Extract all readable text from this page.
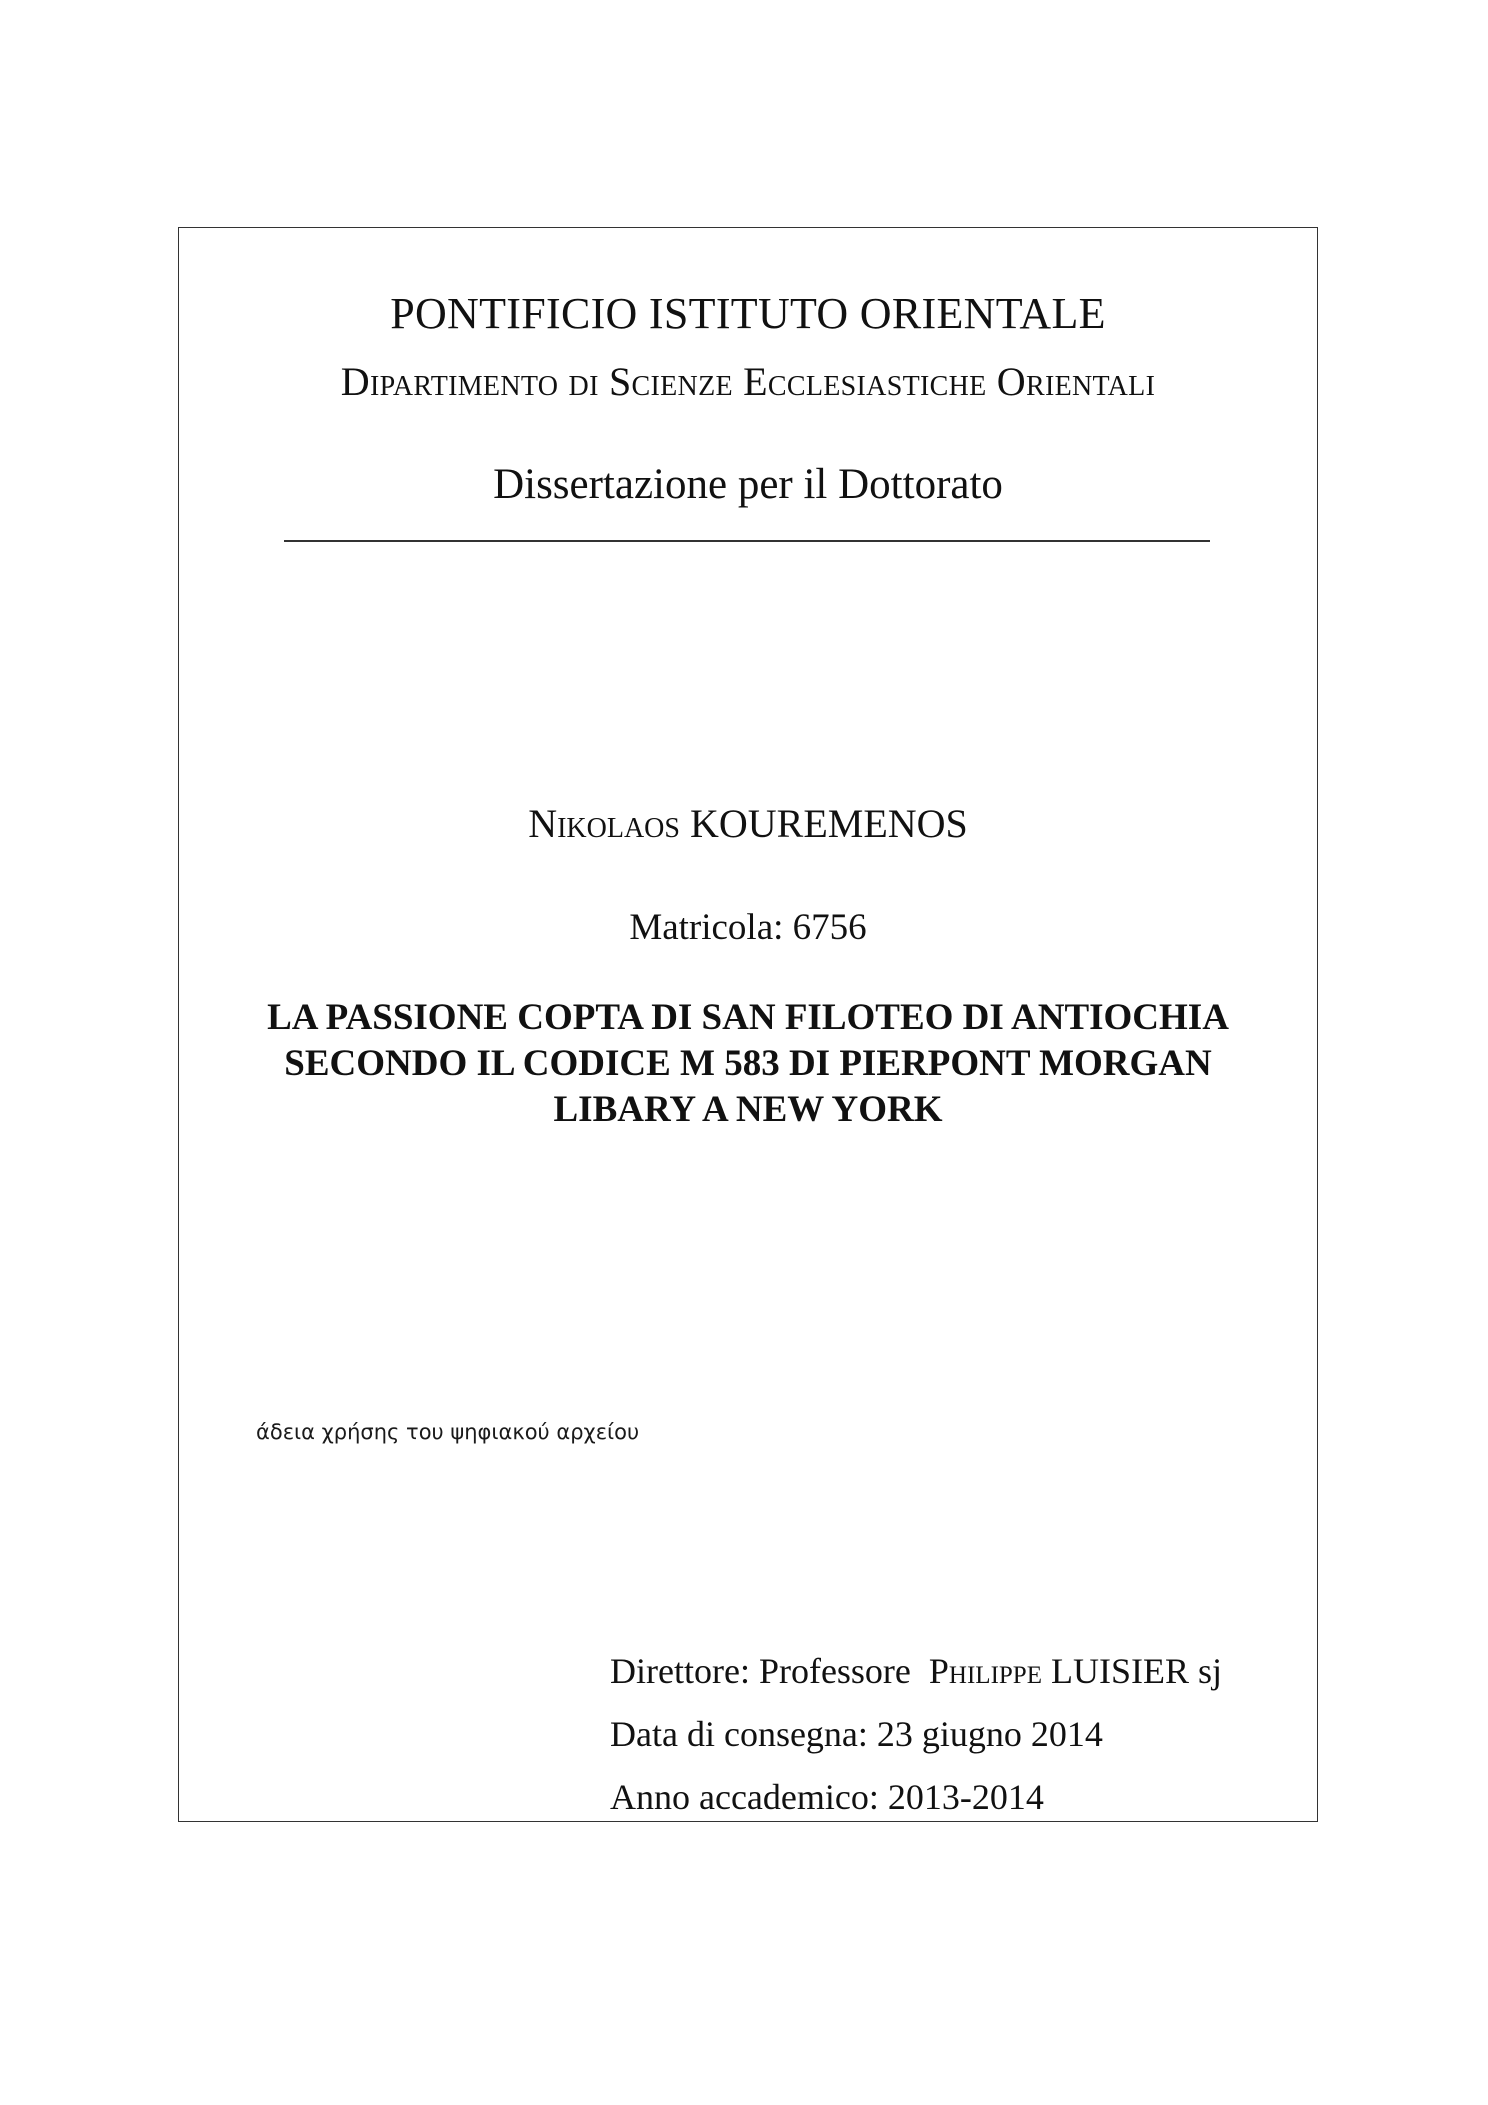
PONTIFICIO ISTITUTO ORIENTALE
Dipartimento di Scienze Ecclesiastiche Orientali
Dissertazione per il Dottorato
Nikolaos KOUREMENOS
Matricola: 6756
LA PASSIONE COPTA DI SAN FILOTEO DI ANTIOCHIA
SECONDO IL CODICE M 583 DI PIERPONT MORGAN
LIBARY A NEW YORK
άδεια χρήσης του ψηφιακού αρχείου
Direttore: Professore Philippe LUISIER sj
Data di consegna: 23 giugno 2014
Anno accademico: 2013-2014
